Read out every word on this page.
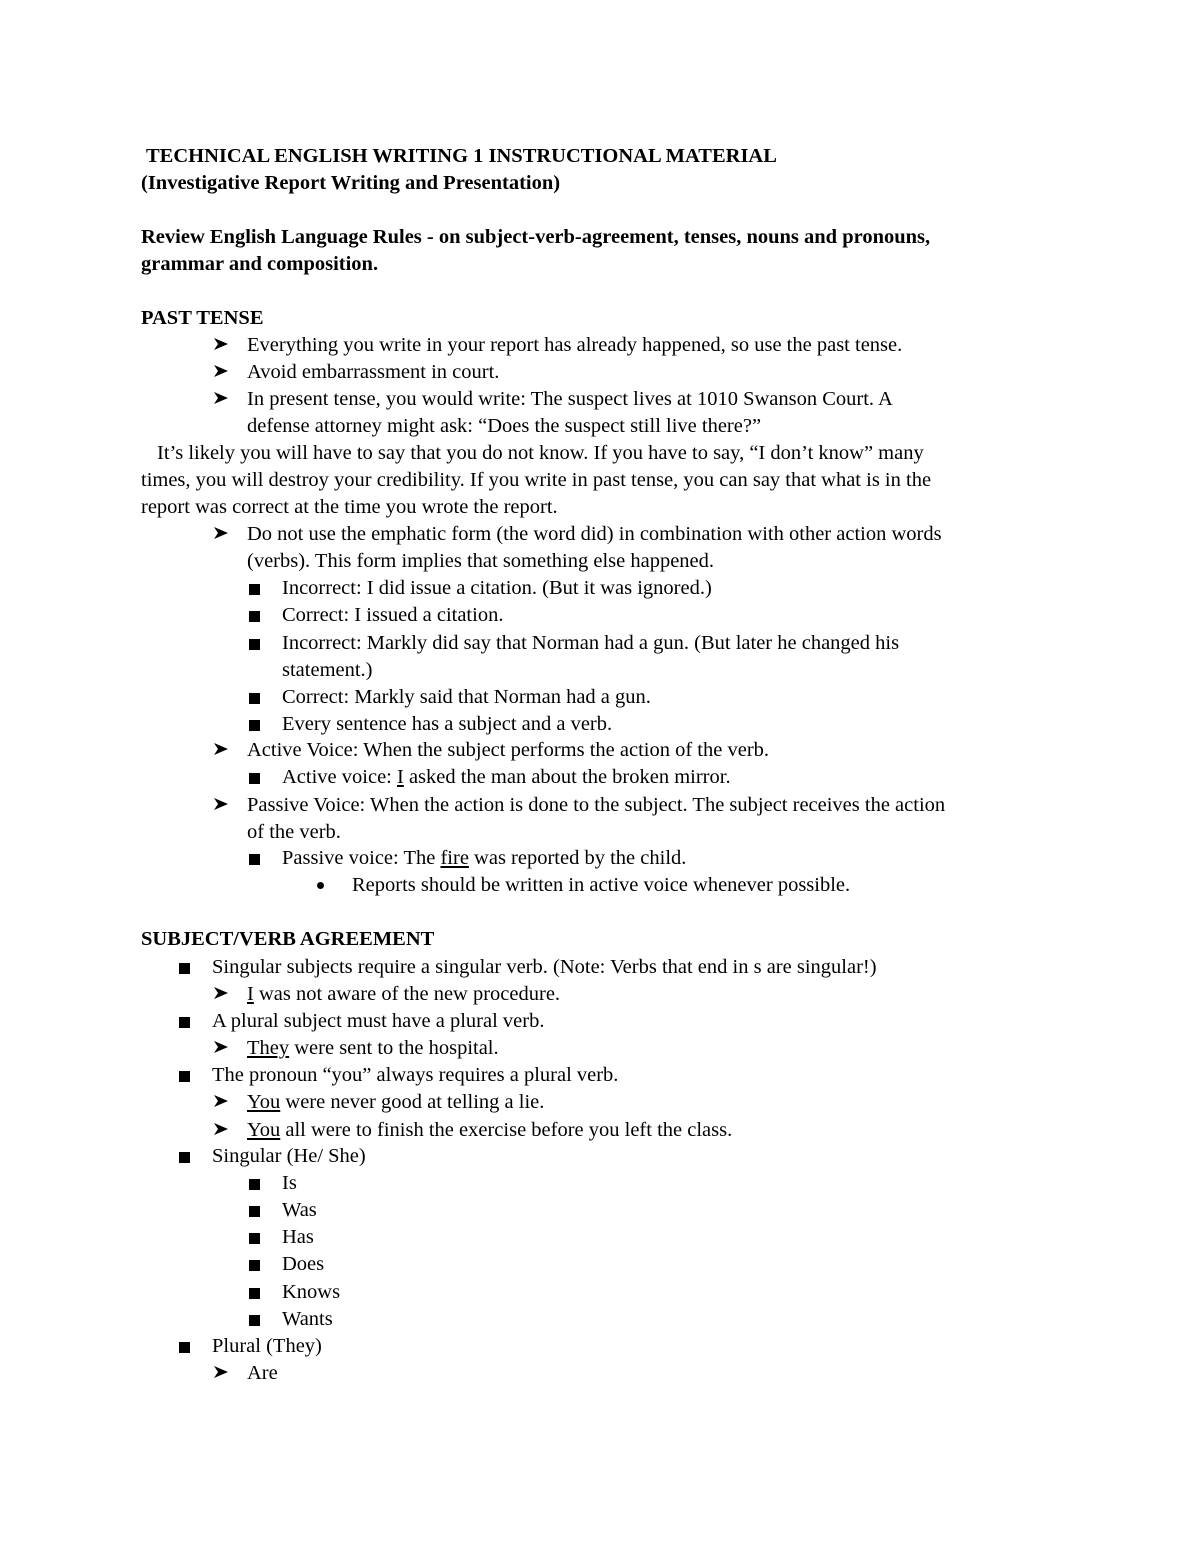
TECHNICAL ENGLISH WRITING 1 INSTRUCTIONAL MATERIAL
(Investigative Report Writing and Presentation)
Review English Language Rules - on subject-verb-agreement, tenses, nouns and pronouns,
grammar and composition.
PAST TENSE
Everything you write in your report has already happened, so use the past tense.
Avoid embarrassment in court.
In present tense, you would write: The suspect lives at 1010 Swanson Court. A
defense attorney might ask: “Does the suspect still live there?”
It’s likely you will have to say that you do not know. If you have to say, “I don’t know” many
times, you will destroy your credibility. If you write in past tense, you can say that what is in the
report was correct at the time you wrote the report.
Do not use the emphatic form (the word did) in combination with other action words
(verbs). This form implies that something else happened.
Incorrect: I did issue a citation. (But it was ignored.)
Correct: I issued a citation.
Incorrect: Markly did say that Norman had a gun. (But later he changed his
statement.)
Correct: Markly said that Norman had a gun.
Every sentence has a subject and a verb.
Active Voice: When the subject performs the action of the verb.
Active voice: I asked the man about the broken mirror.
Passive Voice: When the action is done to the subject. The subject receives the action
of the verb.
Passive voice: The fire was reported by the child.
Reports should be written in active voice whenever possible.
SUBJECT/VERB AGREEMENT
Singular subjects require a singular verb. (Note: Verbs that end in s are singular!)
I was not aware of the new procedure.
A plural subject must have a plural verb.
They were sent to the hospital.
The pronoun “you” always requires a plural verb.
You were never good at telling a lie.
You all were to finish the exercise before you left the class.
Singular (He/ She)
Is
Was
Has
Does
Knows
Wants
Plural (They)
Are
